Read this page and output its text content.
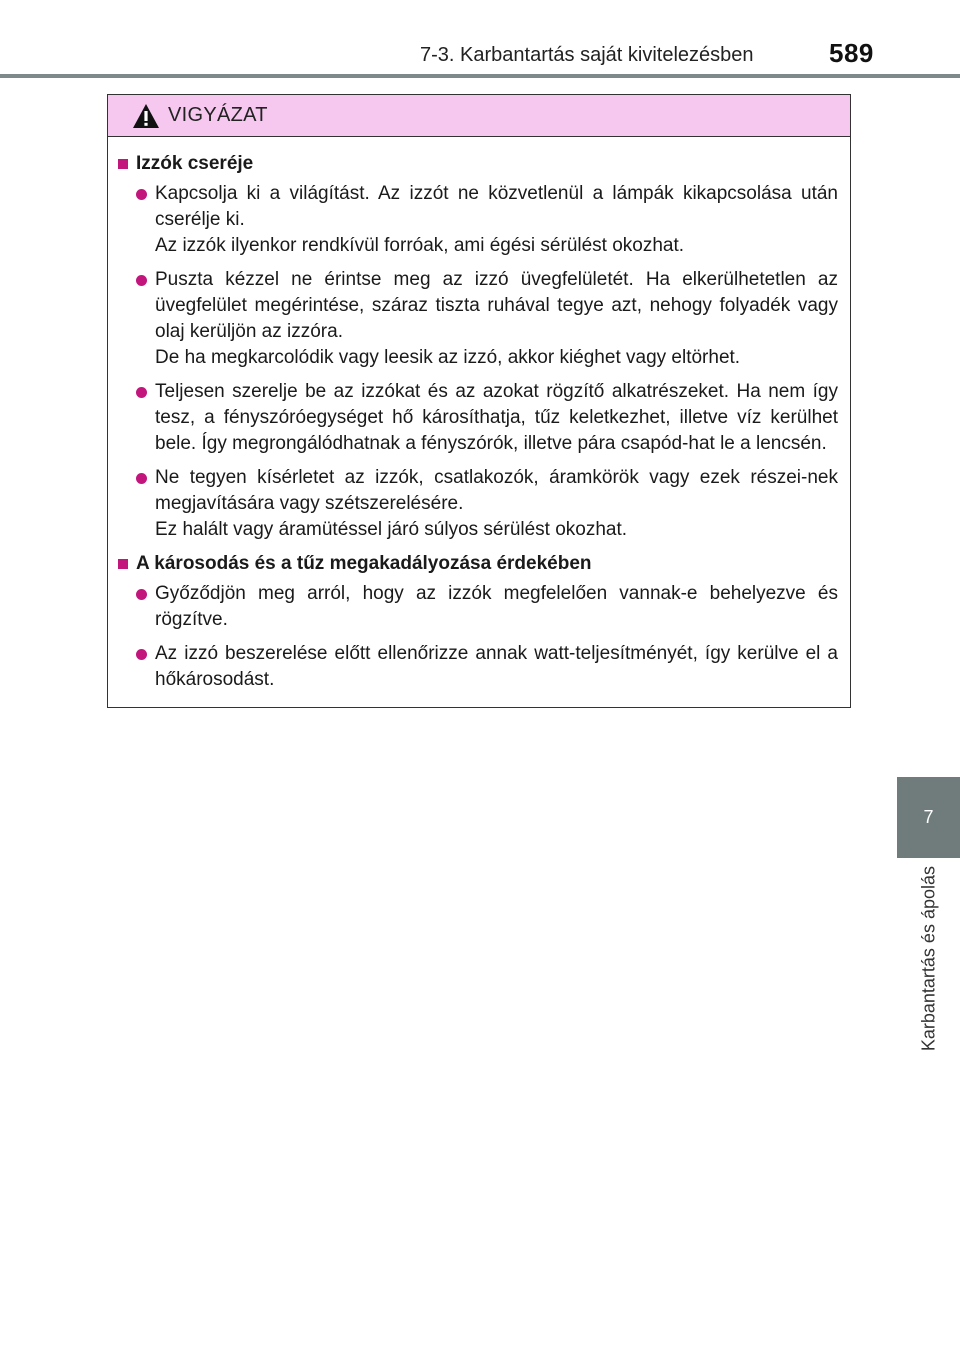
7-3. Karbantartás saját kivitelezésben	589
7
Karbantartás és ápolás
VIGYÁZAT
Izzók cseréje

Kapcsolja ki a világítást. Az izzót ne közvetlenül a lámpák kikapcsolása után cserélje ki.

Az izzók ilyenkor rendkívül forróak, ami égési sérülést okozhat.

Puszta kézzel ne érintse meg az izzó üvegfelületét. Ha elkerülhetetlen az üvegfelület megérintése, száraz tiszta ruhával tegye azt, nehogy folyadék vagy olaj kerüljön az izzóra.

De ha megkarcolódik vagy leesik az izzó, akkor kiéghet vagy eltörhet.

Teljesen szerelje be az izzókat és az azokat rögzítő alkatrészeket. Ha nem így tesz, a fényszóróegységet hő károsíthatja, tűz keletkezhet, illetve víz kerülhet bele. Így megrongálódhatnak a fényszórók, illetve pára csapód-hat le a lencsén.

Ne tegyen kísérletet az izzók, csatlakozók, áramkörök vagy ezek részei-nek megjavítására vagy szétszerelésére.

Ez halált vagy áramütéssel járó súlyos sérülést okozhat.

A károsodás és a tűz megakadályozása érdekében

Győződjön meg arról, hogy az izzók megfelelően vannak-e behelyezve és rögzítve.

Az izzó beszerelése előtt ellenőrizze annak watt-teljesítményét, így kerülve el a hőkárosodást.
